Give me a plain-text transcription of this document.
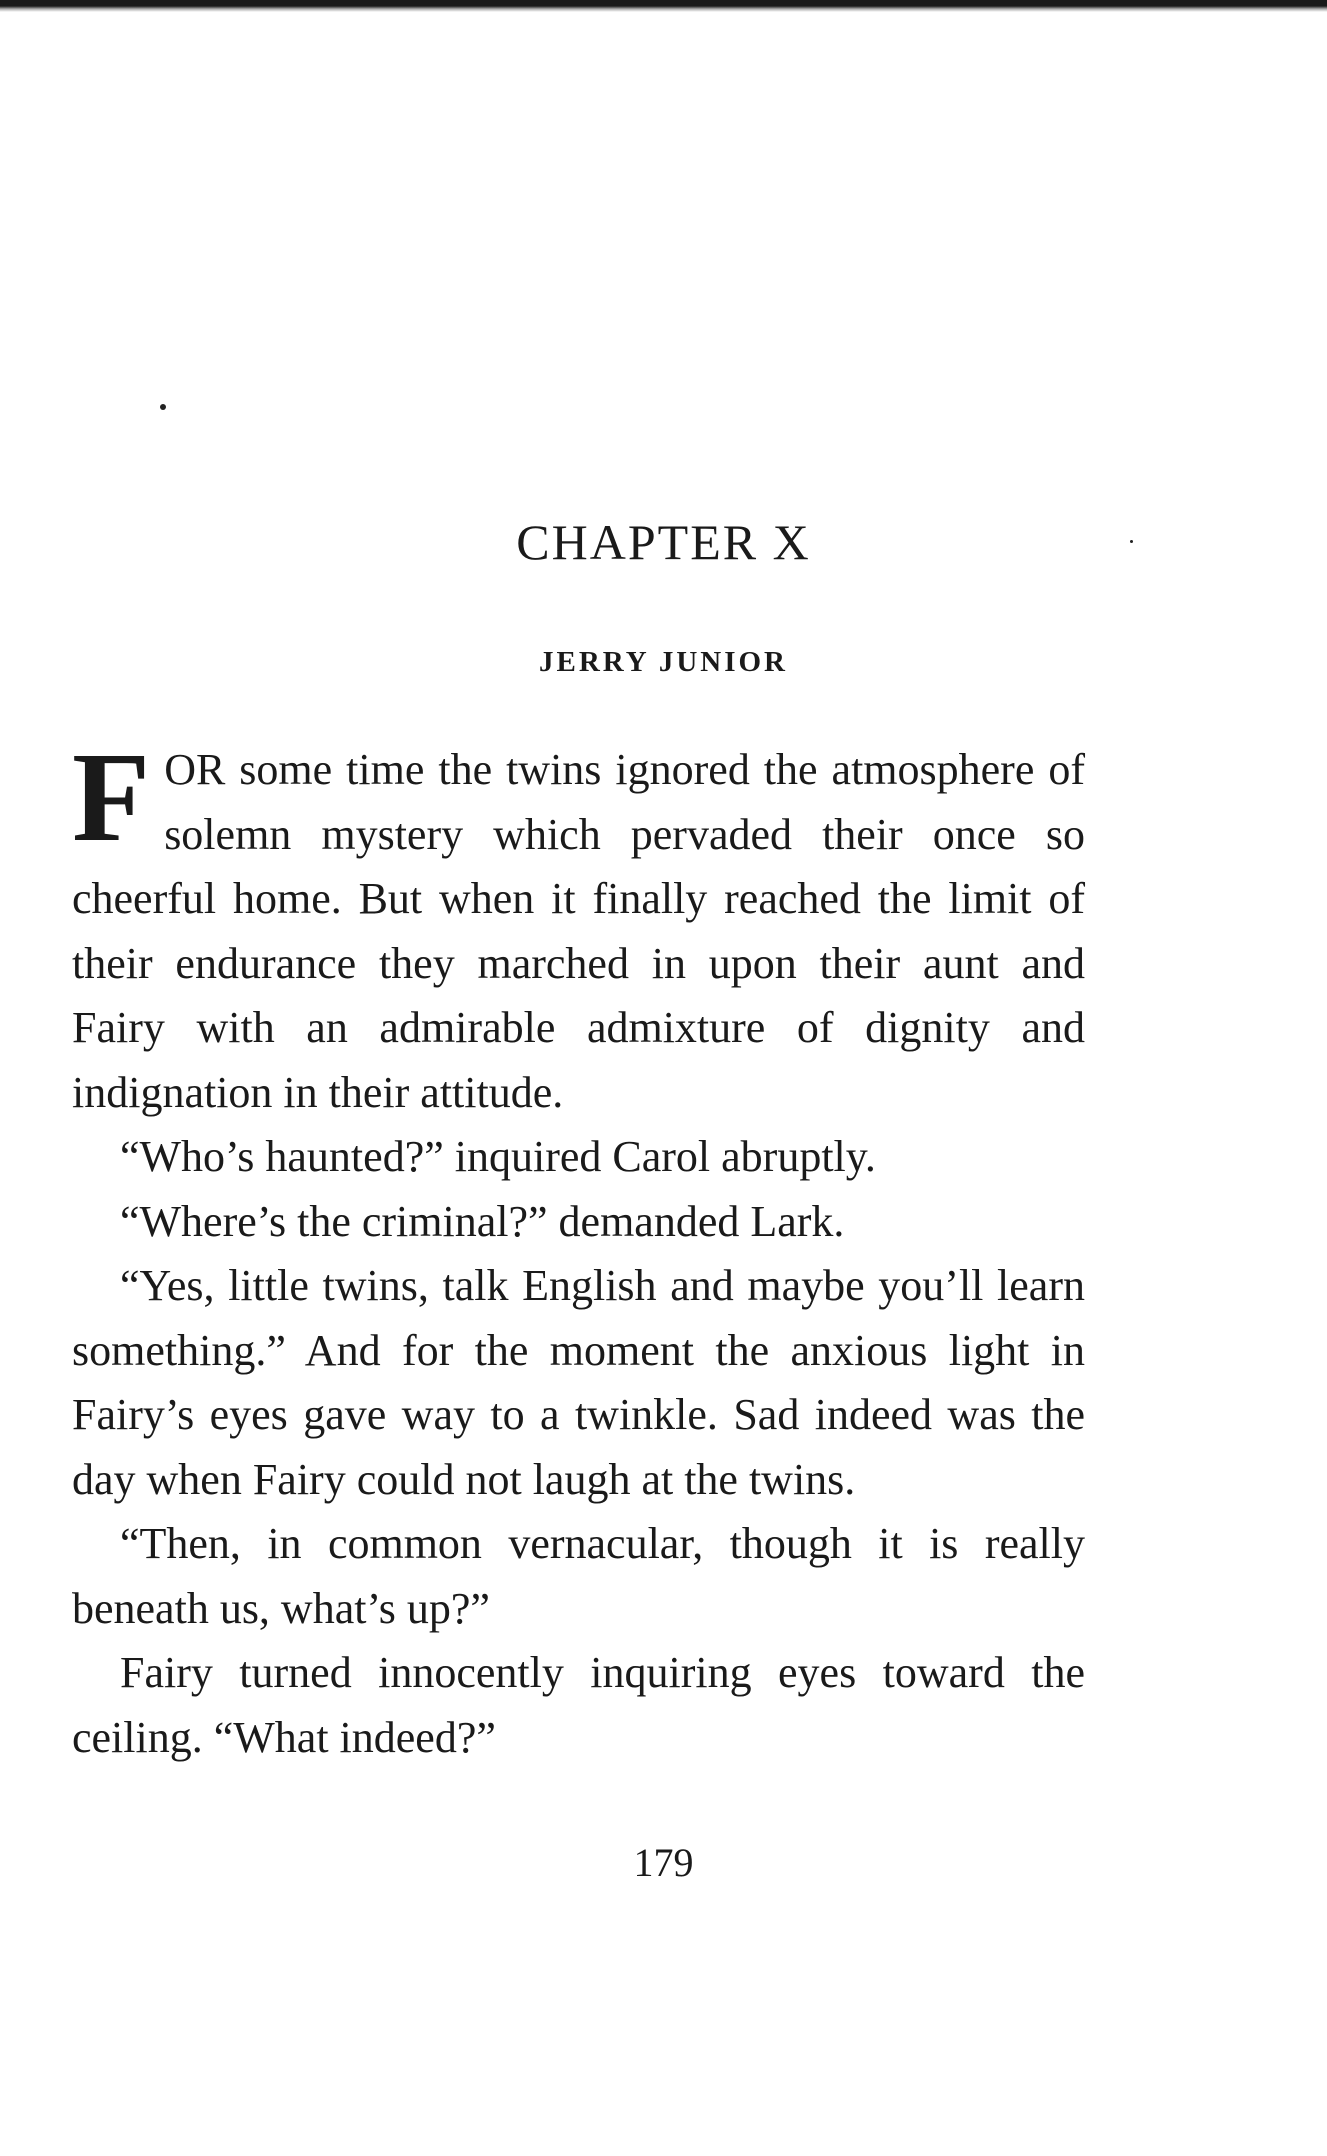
CHAPTER X
JERRY JUNIOR

FOR some time the twins ignored the atmosphere of solemn mystery which pervaded their once so cheerful home. But when it finally reached the limit of their endurance they marched in upon their aunt and Fairy with an admirable admixture of dignity and indignation in their attitude.

“Who’s haunted?” inquired Carol abruptly.

“Where’s the criminal?” demanded Lark.

“Yes, little twins, talk English and maybe you’ll learn something.” And for the moment the anxious light in Fairy’s eyes gave way to a twinkle. Sad indeed was the day when Fairy could not laugh at the twins.

“Then, in common vernacular, though it is really beneath us, what’s up?”

Fairy turned innocently inquiring eyes toward the ceiling. “What indeed?”

179
